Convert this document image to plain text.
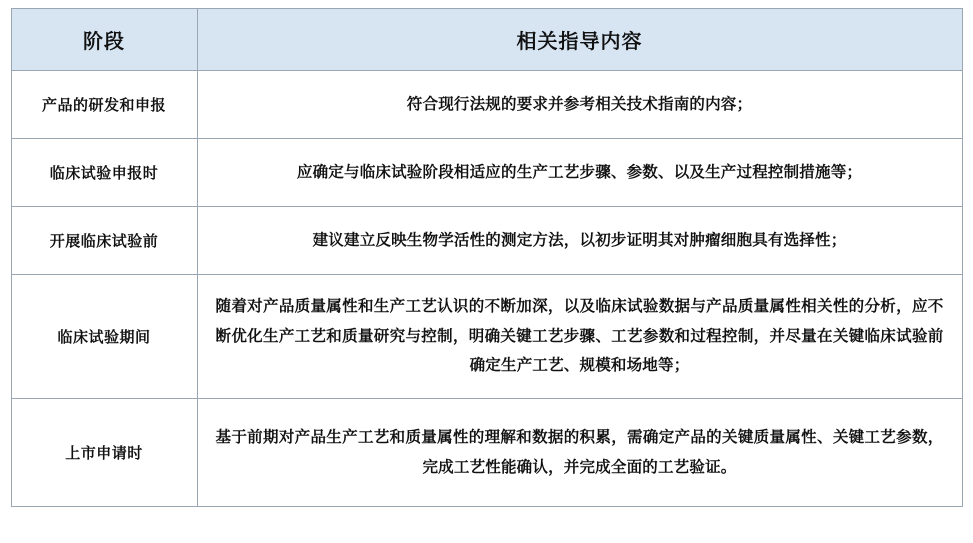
阶段	相关指导内容
产品的研发和申报	符合现行法规的要求并参考相关技术指南的内容；

临床试验申报时	应确定与临床试验阶段相适应的生产工艺步骤、参数、以及生产过程控制措施等；

开展临床试验前	建议建立反映生物学活性的测定方法，以初步证明其对肿瘤细胞具有选择性；

临床试验期间	随着对产品质量属性和生产工艺认识的不断加深，以及临床试验数据与产品质量属性相关性的分析，应不断优化生产工艺和质量研究与控制，明确关键工艺步骤、工艺参数和过程控制，并尽量在关键临床试验前确定生产工艺、规模和场地等；

上市申请时	基于前期对产品生产工艺和质量属性的理解和数据的积累，需确定产品的关键质量属性、关键工艺参数，完成工艺性能确认，并完成全面的工艺验证。
